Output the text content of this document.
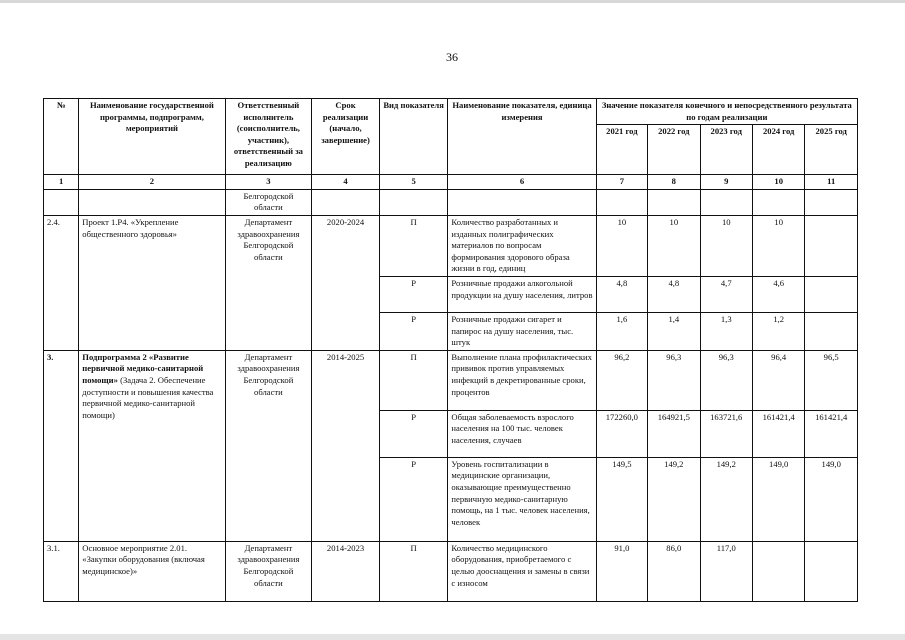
36
№	Наименование государственной программы, подпрограмм, мероприятий	Ответственный исполнитель (соисполнитель, участник), ответственный за реализацию	Срок реализации (начало, завершение)	Вид показателя	Наименование показателя, единица измерения	Значение показателя конечного и непосредственного результата по годам реализации				
						2021 год	2022 год	2023 год	2024 год	2025 год
1	2	3	4	5	6	7	8	9	10	11
		Белгородской области								
2.4.	Проект 1.Р4. «Укрепление общественного здоровья»	Департамент здравоохранения Белгородской области	2020-2024	П	Количество разработанных и изданных полиграфических материалов по вопросам формирования здорового образа жизни в год, единиц	10	10	10	10	
				Р	Розничные продажи алкогольной продукции на душу населения, литров	4,8	4,8	4,7	4,6	
				Р	Розничные продажи сигарет и папирос на душу населения, тыс. штук	1,6	1,4	1,3	1,2	
3.	Подпрограмма 2 «Развитие первичной медико-санитарной помощи» (Задача 2. Обеспечение доступности и повышения качества первичной медико-санитарной помощи)	Департамент здравоохранения Белгородской области	2014-2025	П	Выполнение плана профилактических прививок против управляемых инфекций в декретированные сроки, процентов	96,2	96,3	96,3	96,4	96,5
				Р	Общая заболеваемость взрослого населения на 100 тыс. человек населения, случаев	172260,0	164921,5	163721,6	161421,4	161421,4
				Р	Уровень госпитализации в медицинские организации, оказывающие преимущественно первичную медико-санитарную помощь, на 1 тыс. человек населения, человек	149,5	149,2	149,2	149,0	149,0
3.1.	Основное мероприятие 2.01. «Закупки оборудования (включая медицинское)»	Департамент здравоохранения Белгородской области	2014-2023	П	Количество медицинского оборудования, приобретаемого с целью дооснащения и замены в связи с износом	91,0	86,0	117,0		
